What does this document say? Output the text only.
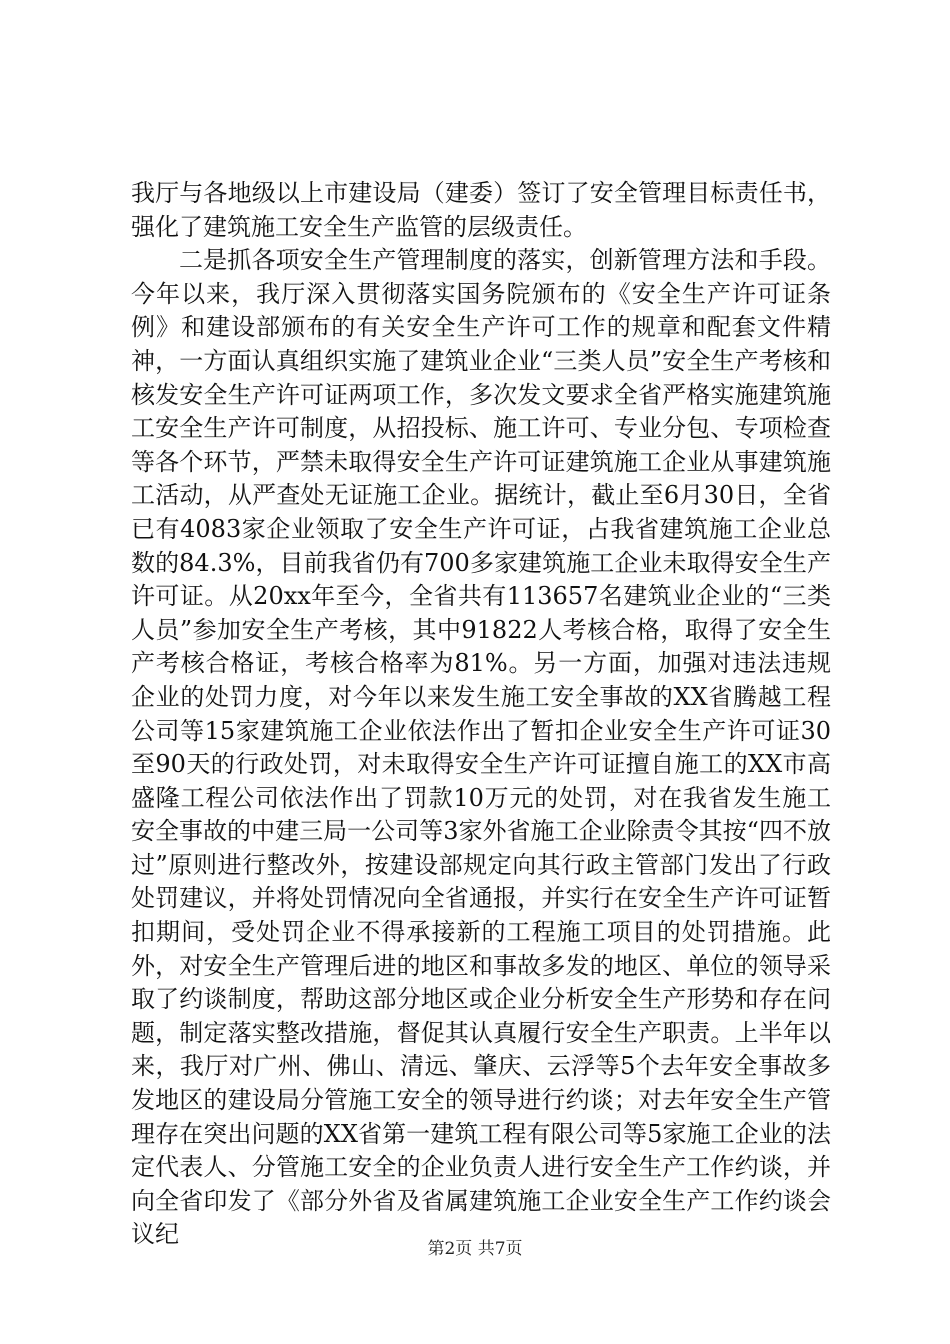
我厅与各地级以上市建设局（建委）签订了安全管理目标责任书，强化了建筑施工安全生产监管的层级责任。

二是抓各项安全生产管理制度的落实，创新管理方法和手段。今年以来，我厅深入贯彻落实国务院颁布的《安全生产许可证条例》和建设部颁布的有关安全生产许可工作的规章和配套文件精神，一方面认真组织实施了建筑业企业“三类人员”安全生产考核和核发安全生产许可证两项工作，多次发文要求全省严格实施建筑施工安全生产许可制度，从招投标、施工许可、专业分包、专项检查等各个环节，严禁未取得安全生产许可证建筑施工企业从事建筑施工活动，从严查处无证施工企业。据统计，截止至6月30日，全省已有4083家企业领取了安全生产许可证，占我省建筑施工企业总数的84.3%，目前我省仍有700多家建筑施工企业未取得安全生产许可证。从20xx年至今，全省共有113657名建筑业企业的“三类人员”参加安全生产考核，其中91822人考核合格，取得了安全生产考核合格证，考核合格率为81%。另一方面，加强对违法违规企业的处罚力度，对今年以来发生施工安全事故的XX省腾越工程公司等15家建筑施工企业依法作出了暂扣企业安全生产许可证30至90天的行政处罚，对未取得安全生产许可证擅自施工的XX市高盛隆工程公司依法作出了罚款10万元的处罚，对在我省发生施工安全事故的中建三局一公司等3家外省施工企业除责令其按“四不放过”原则进行整改外，按建设部规定向其行政主管部门发出了行政处罚建议，并将处罚情况向全省通报，并实行在安全生产许可证暂扣期间，受处罚企业不得承接新的工程施工项目的处罚措施。此外，对安全生产管理后进的地区和事故多发的地区、单位的领导采取了约谈制度，帮助这部分地区或企业分析安全生产形势和存在问题，制定落实整改措施，督促其认真履行安全生产职责。上半年以来，我厅对广州、佛山、清远、肇庆、云浮等5个去年安全事故多发地区的建设局分管施工安全的领导进行约谈；对去年安全生产管理存在突出问题的XX省第一建筑工程有限公司等5家施工企业的法定代表人、分管施工安全的企业负责人进行安全生产工作约谈，并向全省印发了《部分外省及省属建筑施工企业安全生产工作约谈会议纪

第2页 共7页
